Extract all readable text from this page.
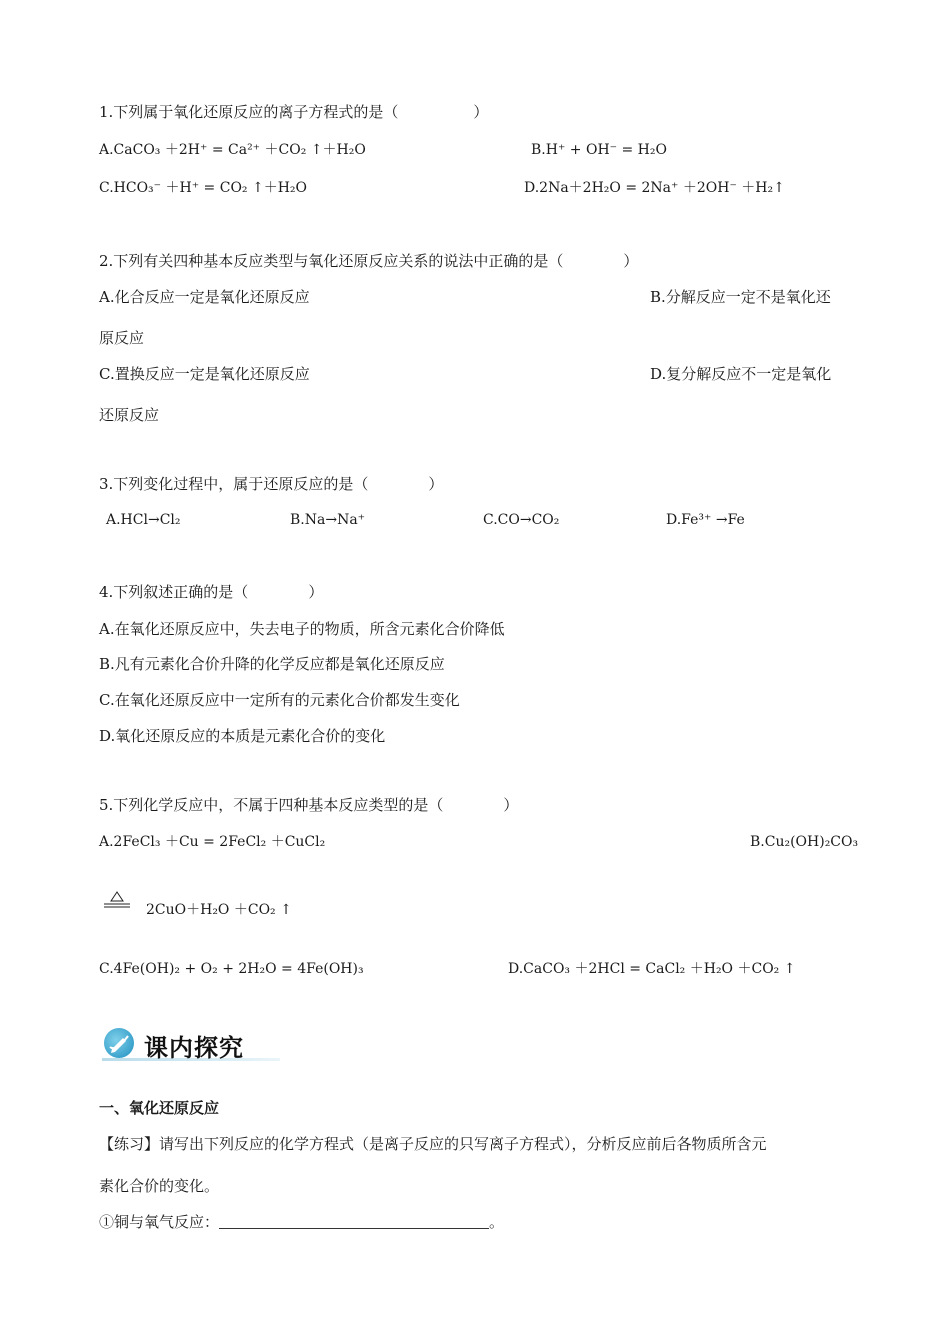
1.下列属于氧化还原反应的离子方程式的是（　　　　　）
A.CaCO₃ ＋2H⁺ = Ca²⁺ ＋CO₂ ↑＋H₂O	B.H⁺ + OH⁻ = H₂O
C.HCO₃⁻ ＋H⁺ = CO₂ ↑＋H₂O	D.2Na＋2H₂O = 2Na⁺ ＋2OH⁻ ＋H₂↑
2.下列有关四种基本反应类型与氧化还原反应关系的说法中正确的是（　　　　）
A.化合反应一定是氧化还原反应	B.分解反应一定不是氧化还
原反应
C.置换反应一定是氧化还原反应	D.复分解反应不一定是氧化
还原反应
3.下列变化过程中，属于还原反应的是（　　　　）
A.HCl→Cl₂	B.Na→Na⁺	C.CO→CO₂	D.Fe³⁺ →Fe
4.下列叙述正确的是（　　　　）
A.在氧化还原反应中，失去电子的物质，所含元素化合价降低
B.凡有元素化合价升降的化学反应都是氧化还原反应
C.在氧化还原反应中一定所有的元素化合价都发生变化
D.氧化还原反应的本质是元素化合价的变化
5.下列化学反应中，不属于四种基本反应类型的是（　　　　）
A.2FeCl₃ ＋Cu = 2FeCl₂ ＋CuCl₂	B.Cu₂(OH)₂CO₃
2CuO＋H₂O ＋CO₂ ↑
C.4Fe(OH)₂ + O₂ + 2H₂O = 4Fe(OH)₃	D.CaCO₃ ＋2HCl = CaCl₂ ＋H₂O ＋CO₂ ↑
课内探究
一、氧化还原反应
【练习】请写出下列反应的化学方程式（是离子反应的只写离子方程式），分析反应前后各物质所含元
素化合价的变化。
①铜与氧气反应：	。
